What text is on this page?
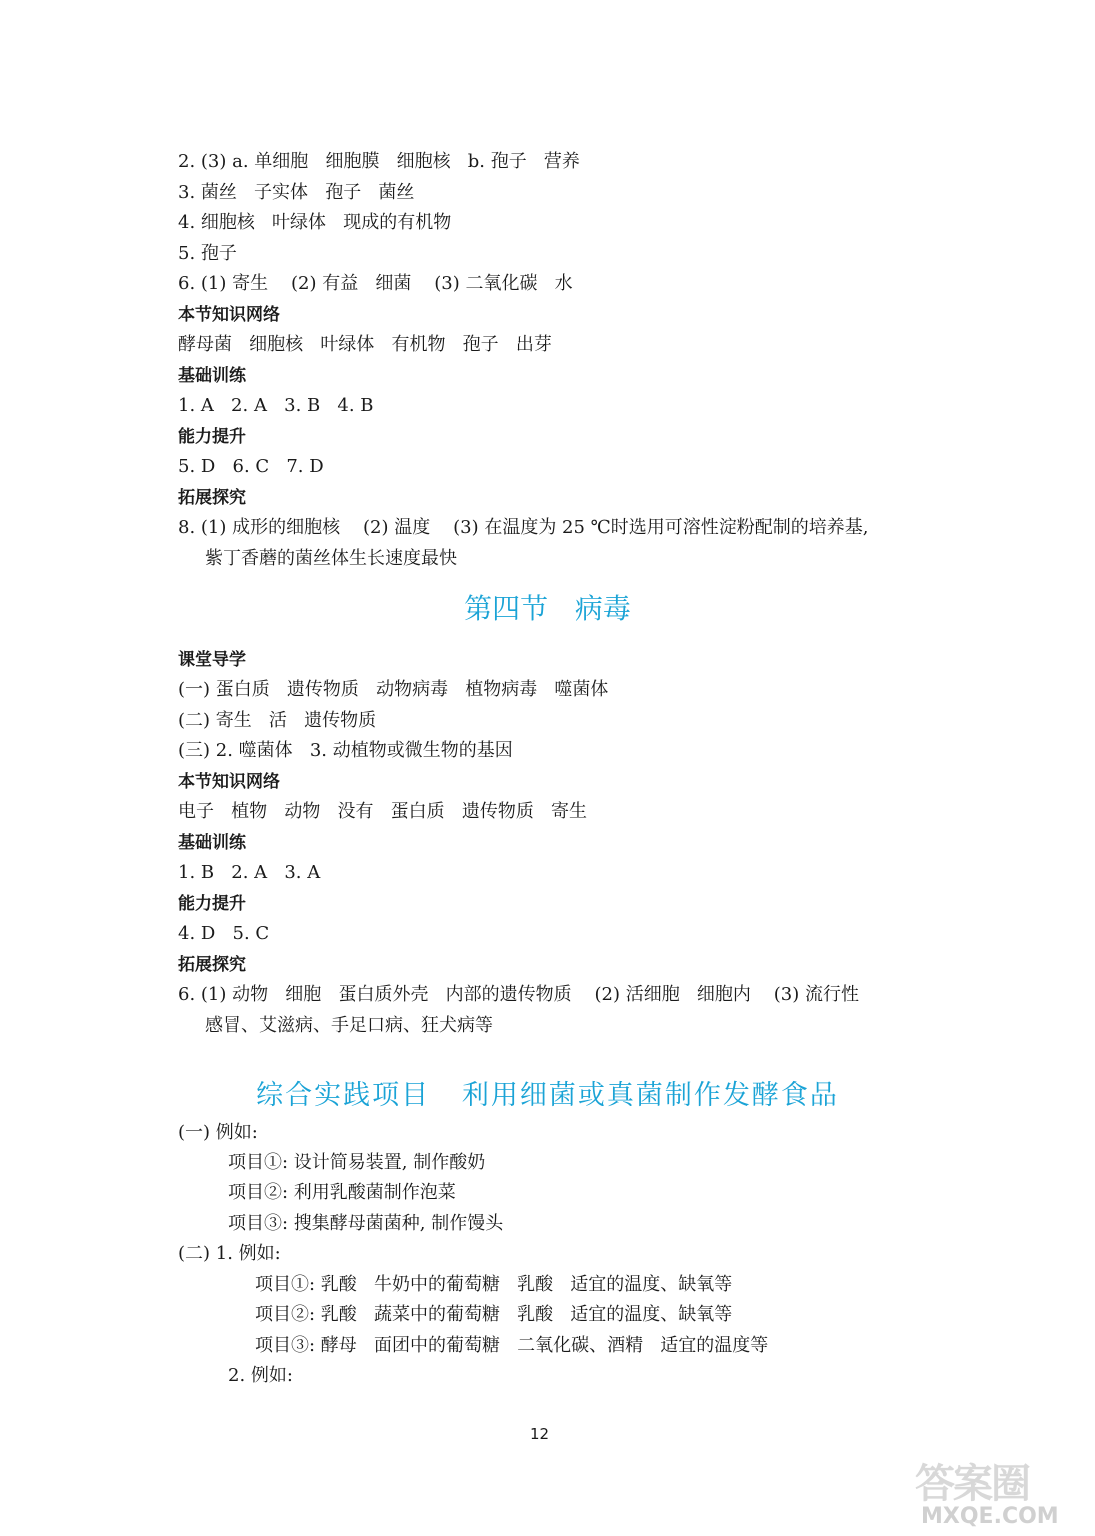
2. (3) a. 单细胞   细胞膜   细胞核   b. 孢子   营养
3. 菌丝   子实体   孢子   菌丝
4. 细胞核   叶绿体   现成的有机物
5. 孢子
6. (1) 寄生    (2) 有益   细菌    (3) 二氧化碳   水
本节知识网络
酵母菌   细胞核   叶绿体   有机物   孢子   出芽
基础训练
1. A   2. A   3. B   4. B
能力提升
5. D   6. C   7. D
拓展探究
8. (1) 成形的细胞核    (2) 温度    (3) 在温度为 25 ℃时选用可溶性淀粉配制的培养基,
紫丁香蘑的菌丝体生长速度最快
第四节   病毒
课堂导学
(一) 蛋白质   遗传物质   动物病毒   植物病毒   噬菌体
(二) 寄生   活   遗传物质
(三) 2. 噬菌体   3. 动植物或微生物的基因
本节知识网络
电子   植物   动物   没有   蛋白质   遗传物质   寄生
基础训练
1. B   2. A   3. A
能力提升
4. D   5. C
拓展探究
6. (1) 动物   细胞   蛋白质外壳   内部的遗传物质    (2) 活细胞   细胞内    (3) 流行性
感冒、艾滋病、手足口病、狂犬病等
综合实践项目   利用细菌或真菌制作发酵食品
(一) 例如:
项目①: 设计简易装置, 制作酸奶
项目②: 利用乳酸菌制作泡菜
项目③: 搜集酵母菌菌种, 制作馒头
(二) 1. 例如:
项目①: 乳酸   牛奶中的葡萄糖   乳酸   适宜的温度、缺氧等
项目②: 乳酸   蔬菜中的葡萄糖   乳酸   适宜的温度、缺氧等
项目③: 酵母   面团中的葡萄糖   二氧化碳、酒精   适宜的温度等
2. 例如:
12
答案圈
MXQE.COM
